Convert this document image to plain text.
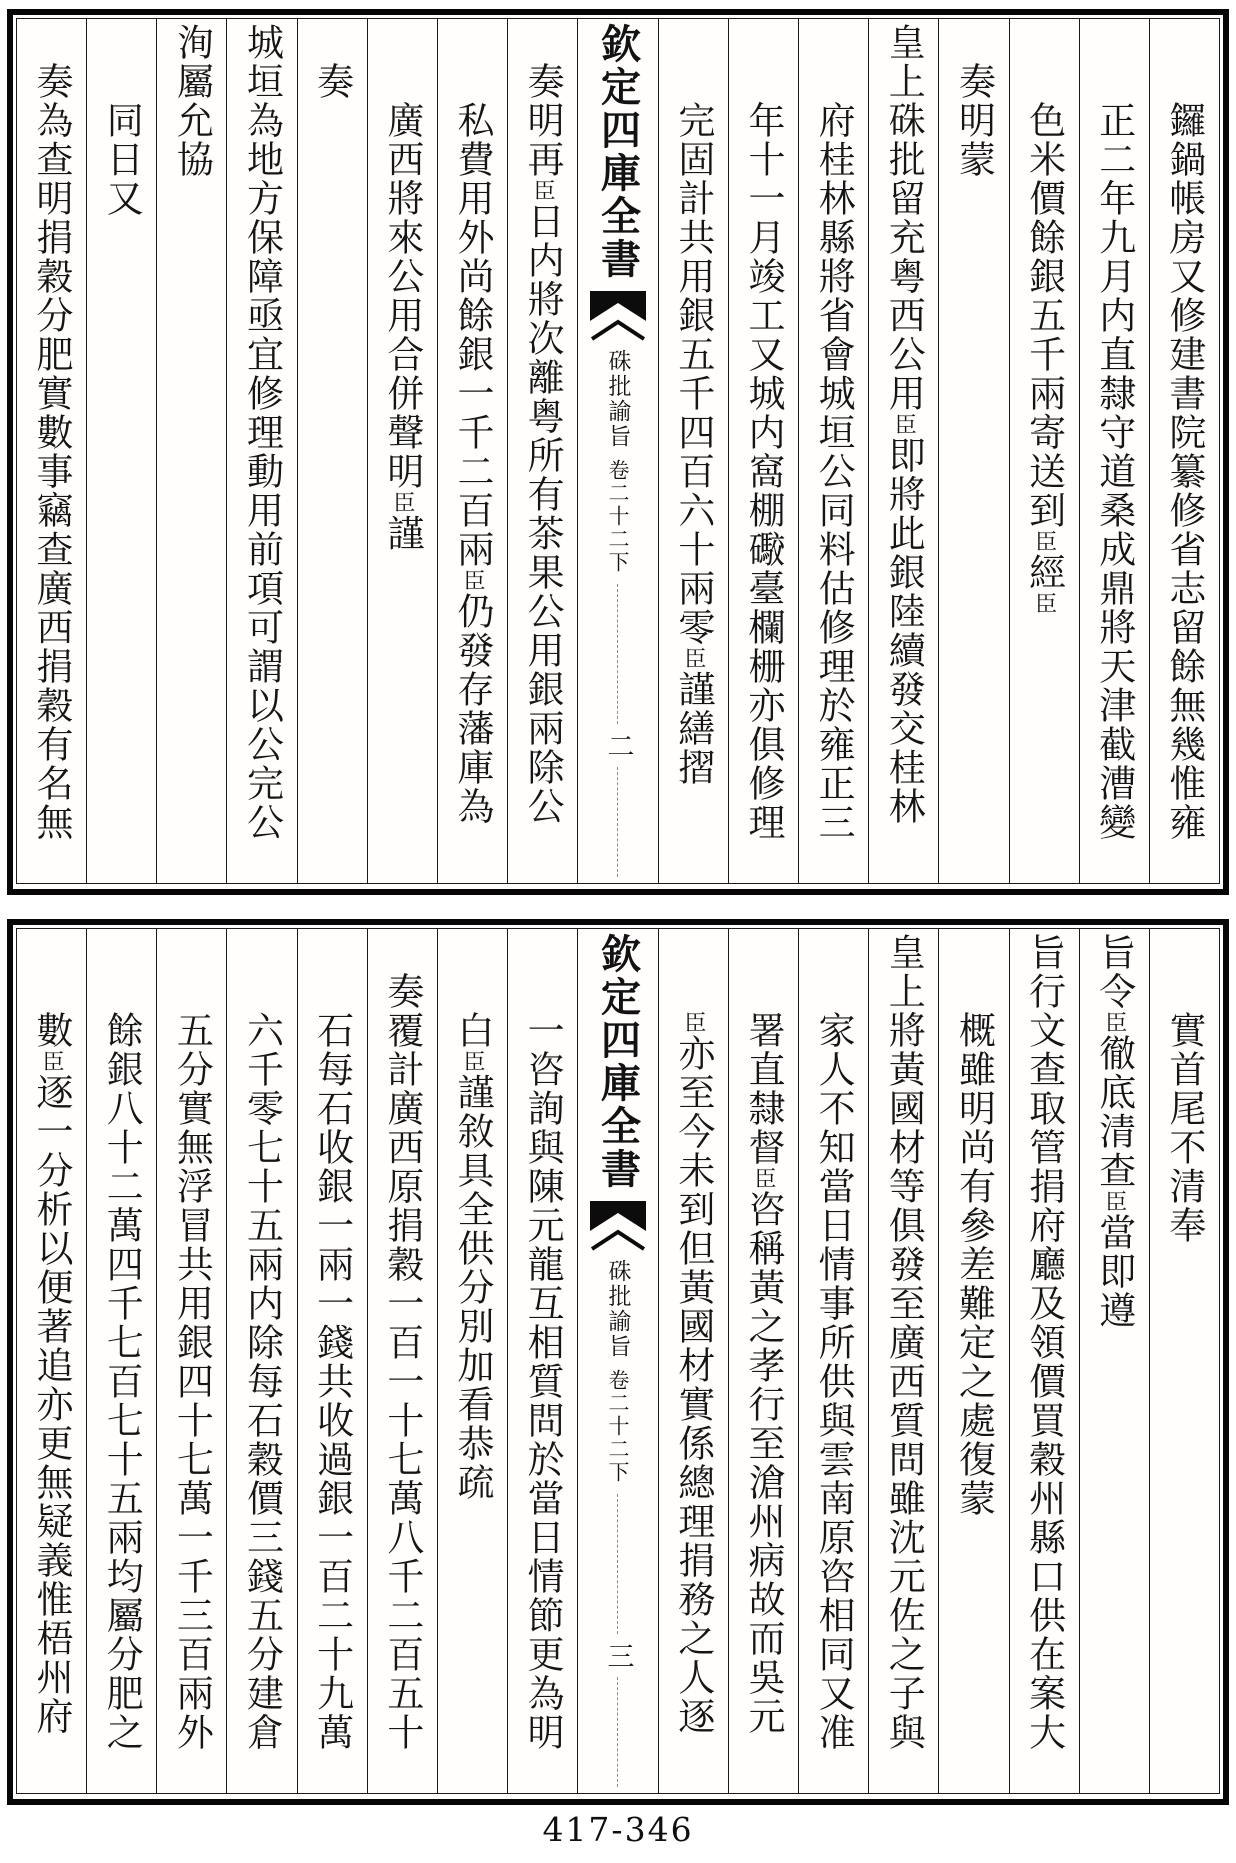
鑼鍋帳房又修建書院纂修省志留餘無幾惟雍
正二年九月内直隸守道桑成鼎將天津截漕變
色米價餘銀五千兩寄送到臣經臣
奏明蒙
皇上硃批留充粤西公用臣即將此銀陸續發交桂林
府桂林縣將省會城垣公同料估修理於雍正三
年十一月竣工又城内窩棚礮臺欄栅亦俱修理
完固計共用銀五千四百六十兩零臣謹繕摺
欽定四庫全書
硃批諭旨
卷二十二下
二
奏明再臣日内將次離粤所有茶果公用銀兩除公
私費用外尚餘銀一千二百兩臣仍發存藩庫為
廣西將來公用合併聲明臣謹
奏
城垣為地方保障亟宜修理動用前項可謂以公完公
洵屬允協
同日又
奏為查明捐穀分肥實數事竊查廣西捐穀有名無
實首尾不清奉
旨令臣徹底清查臣當即遵
旨行文查取管捐府廳及領價買穀州縣口供在案大
概雖明尚有參差難定之處復蒙
皇上將黃國材等俱發至廣西質問雖沈元佐之子與
家人不知當日情事所供與雲南原咨相同又准
署直隸督臣咨稱黃之孝行至滄州病故而吳元
臣亦至今未到但黃國材實係總理捐務之人逐
欽定四庫全書
硃批諭旨
卷二十二下
三
一咨詢與陳元龍互相質問於當日情節更為明
白臣謹敘具全供分別加看恭疏
奏覆計廣西原捐穀一百一十七萬八千二百五十
石每石收銀一兩一錢共收過銀一百二十九萬
六千零七十五兩内除每石穀價三錢五分建倉
五分實無浮冒共用銀四十七萬一千三百兩外
餘銀八十二萬四千七百七十五兩均屬分肥之
數臣逐一分析以便著追亦更無疑義惟梧州府
417-346
